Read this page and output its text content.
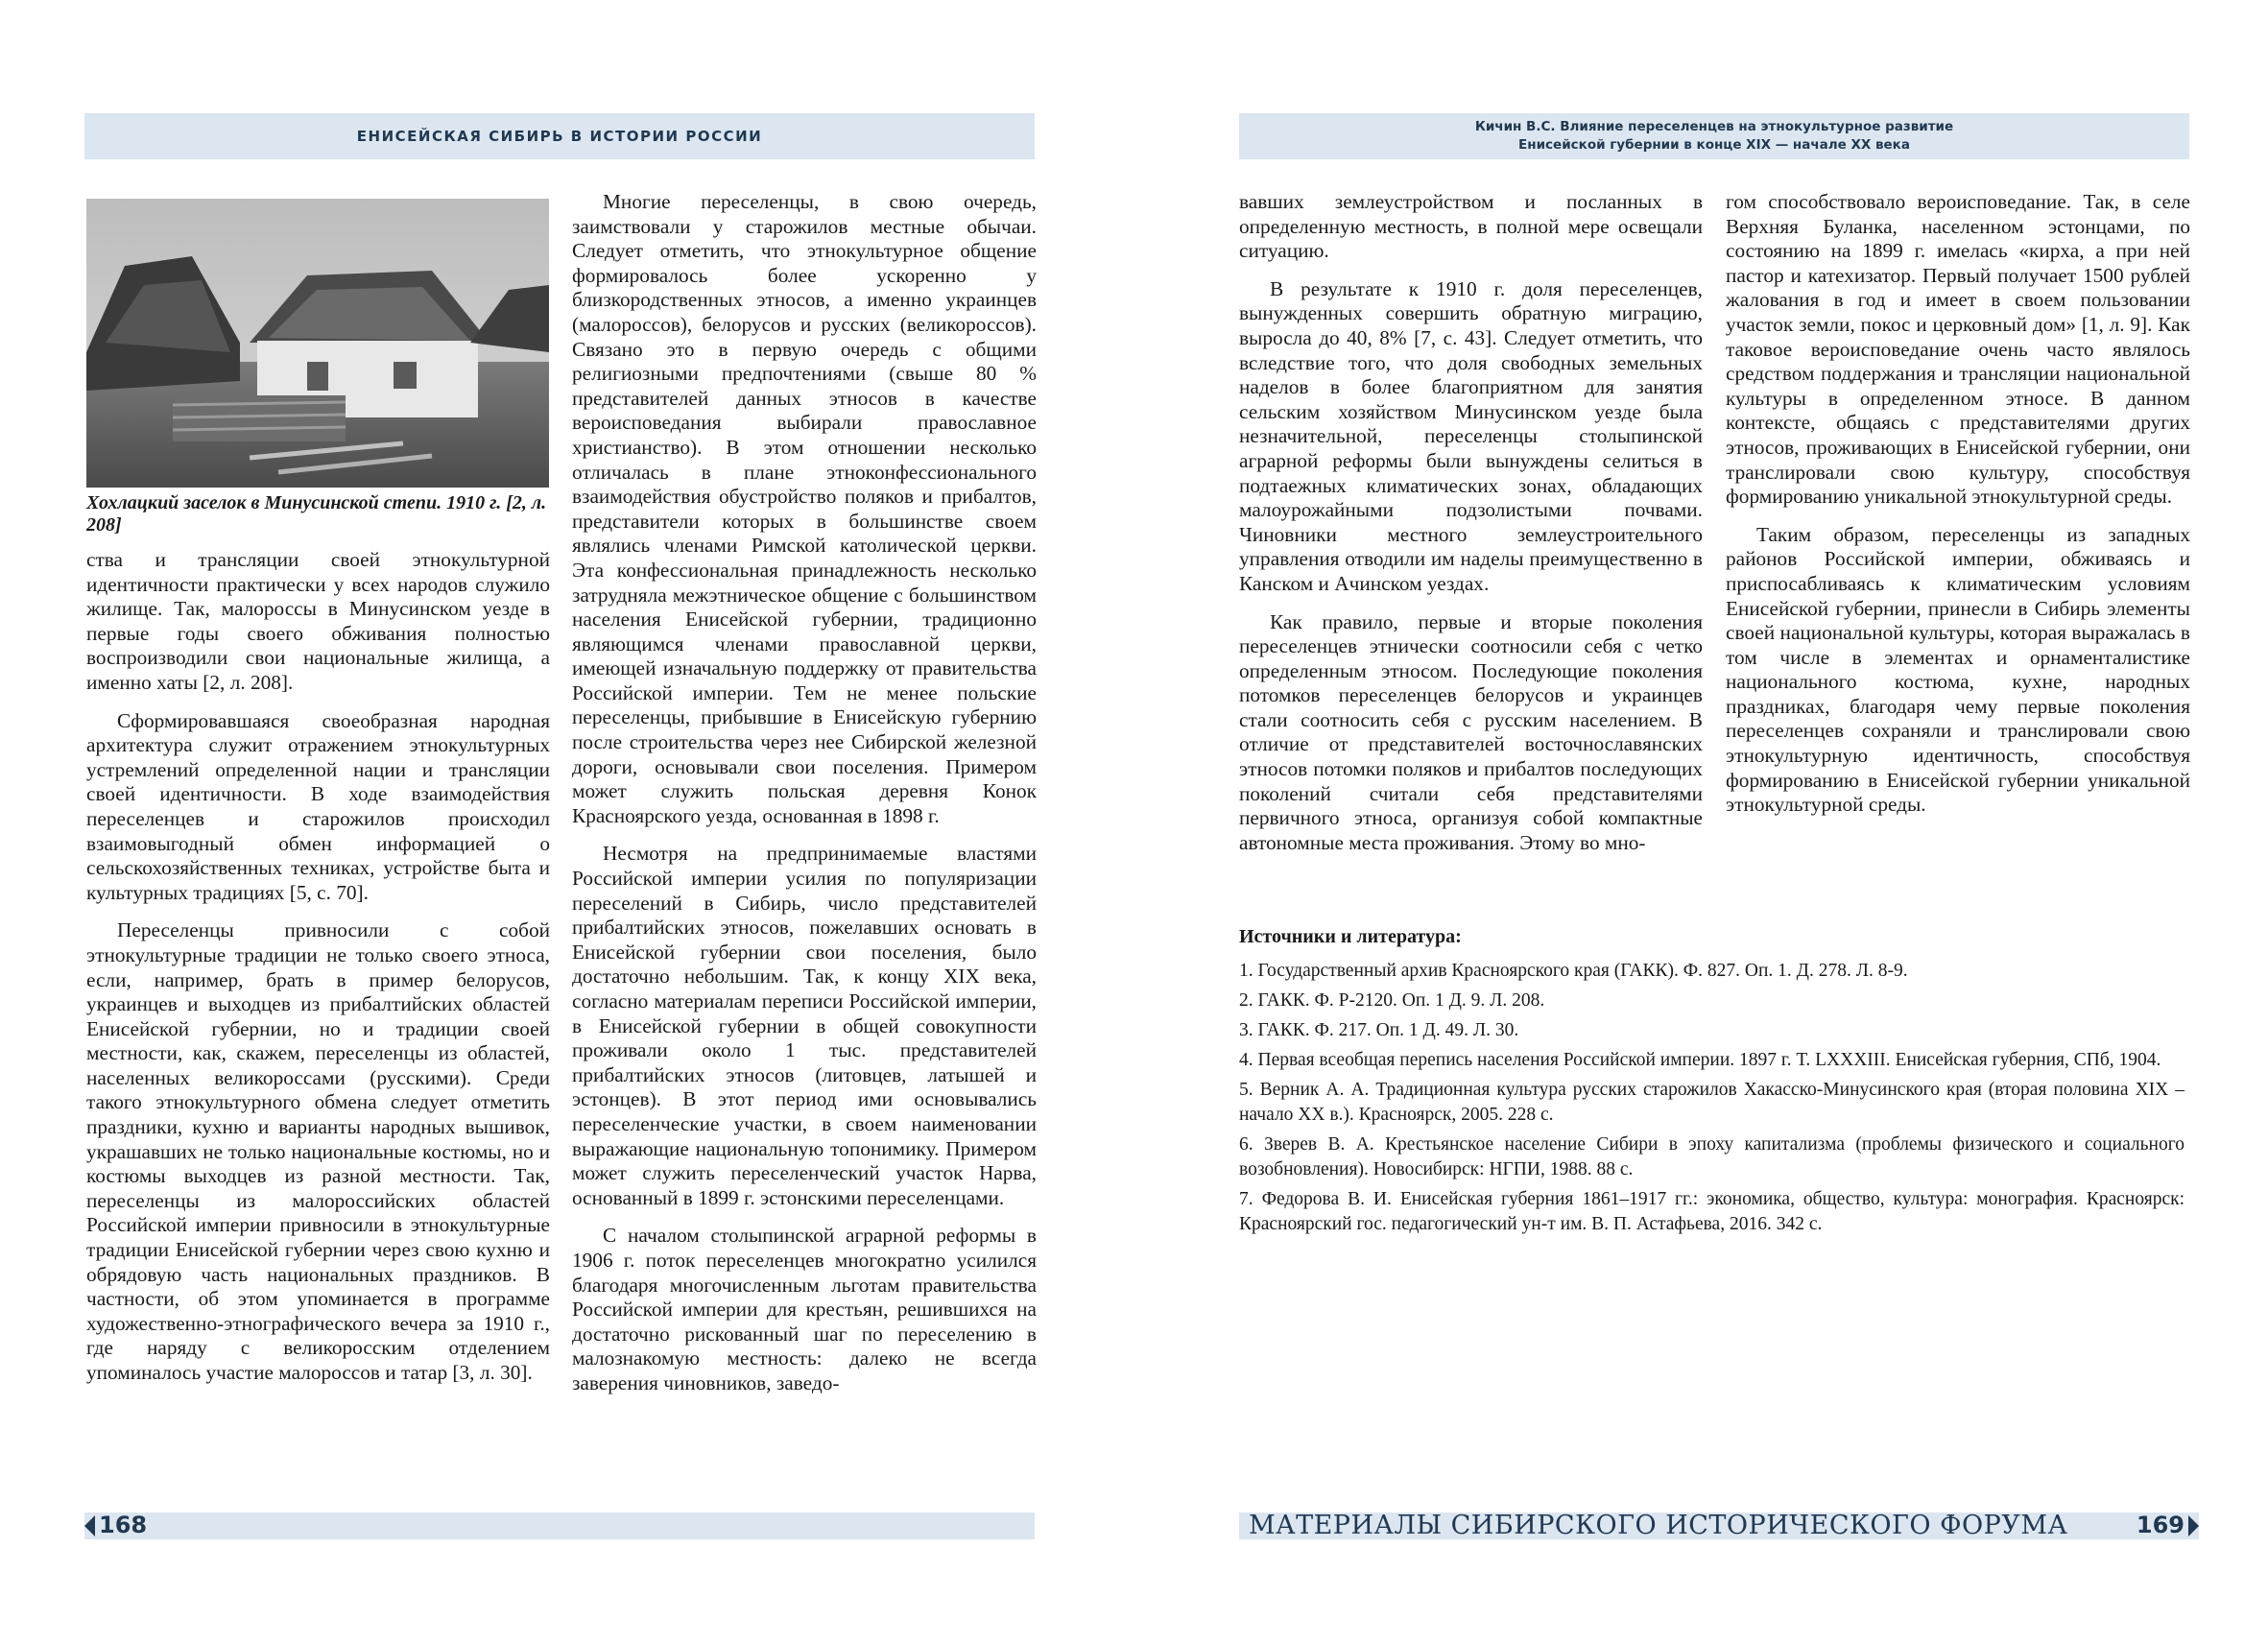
ЕНИСЕЙСКАЯ СИБИРЬ В ИСТОРИИ РОССИИ
Хохлацкий заселок в Минусинской степи. 1910 г. [2, л. 208]

ства и трансляции своей этнокультурной идентичности практически у всех народов служило жилище. Так, малороссы в Минусинском уезде в первые годы своего обживания полностью воспроизводили свои национальные жилища, а именно хаты [2, л. 208].

Сформировавшаяся своеобразная народная архитектура служит отражением этнокультурных устремлений определенной нации и трансляции своей идентичности. В ходе взаимодействия переселенцев и старожилов происходил взаимовыгодный обмен информацией о сельскохозяйственных техниках, устройстве быта и культурных традициях [5, с. 70].

Переселенцы привносили с собой этнокультурные традиции не только своего этноса, если, например, брать в пример белорусов, украинцев и выходцев из прибалтийских областей Енисейской губернии, но и традиции своей местности, как, скажем, переселенцы из областей, населенных великороссами (русскими). Среди такого этнокультурного обмена следует отметить праздники, кухню и варианты народных вышивок, украшавших не только национальные костюмы, но и костюмы выходцев из разной местности. Так, переселенцы из малороссийских областей Российской империи привносили в этнокультурные традиции Енисейской губернии через свою кухню и обрядовую часть национальных праздников. В частности, об этом упоминается в программе художественно-этнографического вечера за 1910 г., где наряду с великоросским отделением упоминалось участие малороссов и татар [3, л. 30].

Многие переселенцы, в свою очередь, заимствовали у старожилов местные обычаи. Следует отметить, что этнокультурное общение формировалось более ускоренно у близкородственных этносов, а именно украинцев (малороссов), белорусов и русских (великороссов). Связано это в первую очередь с общими религиозными предпочтениями (свыше 80 % представителей данных этносов в качестве вероисповедания выбирали православное христианство). В этом отношении несколько отличалась в плане этноконфессионального взаимодействия обустройство поляков и прибалтов, представители которых в большинстве своем являлись членами Римской католической церкви. Эта конфессиональная принадлежность несколько затрудняла межэтническое общение с большинством населения Енисейской губернии, традиционно являющимся членами православной церкви, имеющей изначальную поддержку от правительства Российской империи. Тем не менее польские переселенцы, прибывшие в Енисейскую губернию после строительства через нее Сибирской железной дороги, основывали свои поселения. Примером может служить польская деревня Конок Красноярского уезда, основанная в 1898 г.

Несмотря на предпринимаемые властями Российской империи усилия по популяризации переселений в Сибирь, число представителей прибалтийских этносов, пожелавших основать в Енисейской губернии свои поселения, было достаточно небольшим. Так, к концу XIX века, согласно материалам переписи Российской империи, в Енисейской губернии в общей совокупности проживали около 1 тыс. представителей прибалтийских этносов (литовцев, латышей и эстонцев). В этот период ими основывались переселенческие участки, в своем наименовании выражающие национальную топонимику. Примером может служить переселенческий участок Нарва, основанный в 1899 г. эстонскими переселенцами.

С началом столыпинской аграрной реформы в 1906 г. поток переселенцев многократно усилился благодаря многочисленным льготам правительства Российской империи для крестьян, решившихся на достаточно рискованный шаг по переселению в малознакомую местность: далеко не всегда заверения чиновников, заведо-

168
Кичин В.С. Влияние переселенцев на этнокультурное развитие
Енисейской губернии в конце XIX — начале XX века

вавших землеустройством и посланных в определенную местность, в полной мере освещали ситуацию.

В результате к 1910 г. доля переселенцев, вынужденных совершить обратную миграцию, выросла до 40, 8% [7, с. 43]. Следует отметить, что вследствие того, что доля свободных земельных наделов в более благоприятном для занятия сельским хозяйством Минусинском уезде была незначительной, переселенцы столыпинской аграрной реформы были вынуждены селиться в подтаежных климатических зонах, обладающих малоурожайными подзолистыми почвами. Чиновники местного землеустроительного управления отводили им наделы преимущественно в Канском и Ачинском уездах.

Как правило, первые и вторые поколения переселенцев этнически соотносили себя с четко определенным этносом. Последующие поколения потомков переселенцев белорусов и украинцев стали соотносить себя с русским населением. В отличие от представителей восточнославянских этносов потомки поляков и прибалтов последующих поколений считали себя представителями первичного этноса, организуя собой компактные автономные места проживания. Этому во мно-

гом способствовало вероисповедание. Так, в селе Верхняя Буланка, населенном эстонцами, по состоянию на 1899 г. имелась «кирха, а при ней пастор и катехизатор. Первый получает 1500 рублей жалования в год и имеет в своем пользовании участок земли, покос и церковный дом» [1, л. 9]. Как таковое вероисповедание очень часто являлось средством поддержания и трансляции национальной культуры в определенном этносе. В данном контексте, общаясь с представителями других этносов, проживающих в Енисейской губернии, они транслировали свою культуру, способствуя формированию уникальной этнокультурной среды.

Таким образом, переселенцы из западных районов Российской империи, обживаясь и приспосабливаясь к климатическим условиям Енисейской губернии, принесли в Сибирь элементы своей национальной культуры, которая выражалась в том числе в элементах и орнаменталистике национального костюма, кухне, народных праздниках, благодаря чему первые поколения переселенцев сохраняли и транслировали свою этнокультурную идентичность, способствуя формированию в Енисейской губернии уникальной этнокультурной среды.

Источники и литература:
1. Государственный архив Красноярского края (ГАКК). Ф. 827. Оп. 1. Д. 278. Л. 8-9.
2. ГАКК. Ф. Р-2120. Оп. 1 Д. 9. Л. 208.
3. ГАКК. Ф. 217. Оп. 1 Д. 49. Л. 30.
4. Первая всеобщая перепись населения Российской империи. 1897 г. Т. LXXXIII. Енисейская губерния, СПб, 1904.
5. Верник А. А. Традиционная культура русских старожилов Хакасско-Минусинского края (вторая половина XIX – начало XX в.). Красноярск, 2005. 228 с.
6. Зверев В. А. Крестьянское население Сибири в эпоху капитализма (проблемы физического и социального возобновления). Новосибирск: НГПИ, 1988. 88 с.
7. Федорова В. И. Енисейская губерния 1861–1917 гг.: экономика, общество, культура: монография. Красноярск: Красноярский гос. педагогический ун-т им. В. П. Астафьева, 2016. 342 с.
МАТЕРИАЛЫ СИБИРСКОГО ИСТОРИЧЕСКОГО ФОРУМА	169
